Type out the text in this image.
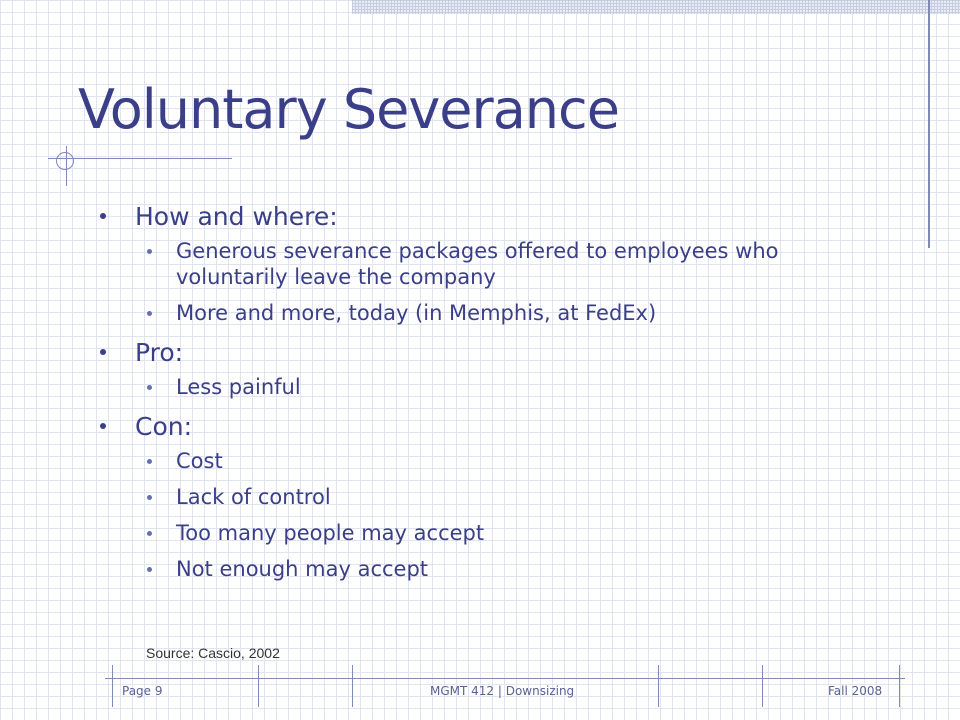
Voluntary Severance
How and where:
Generous severance packages offered to employees who voluntarily leave the company
More and more, today (in Memphis, at FedEx)
Pro:
Less painful
Con:
Cost
Lack of control
Too many people may accept
Not enough may accept
Source: Cascio, 2002
Page 9	MGMT 412 | Downsizing	Fall 2008
